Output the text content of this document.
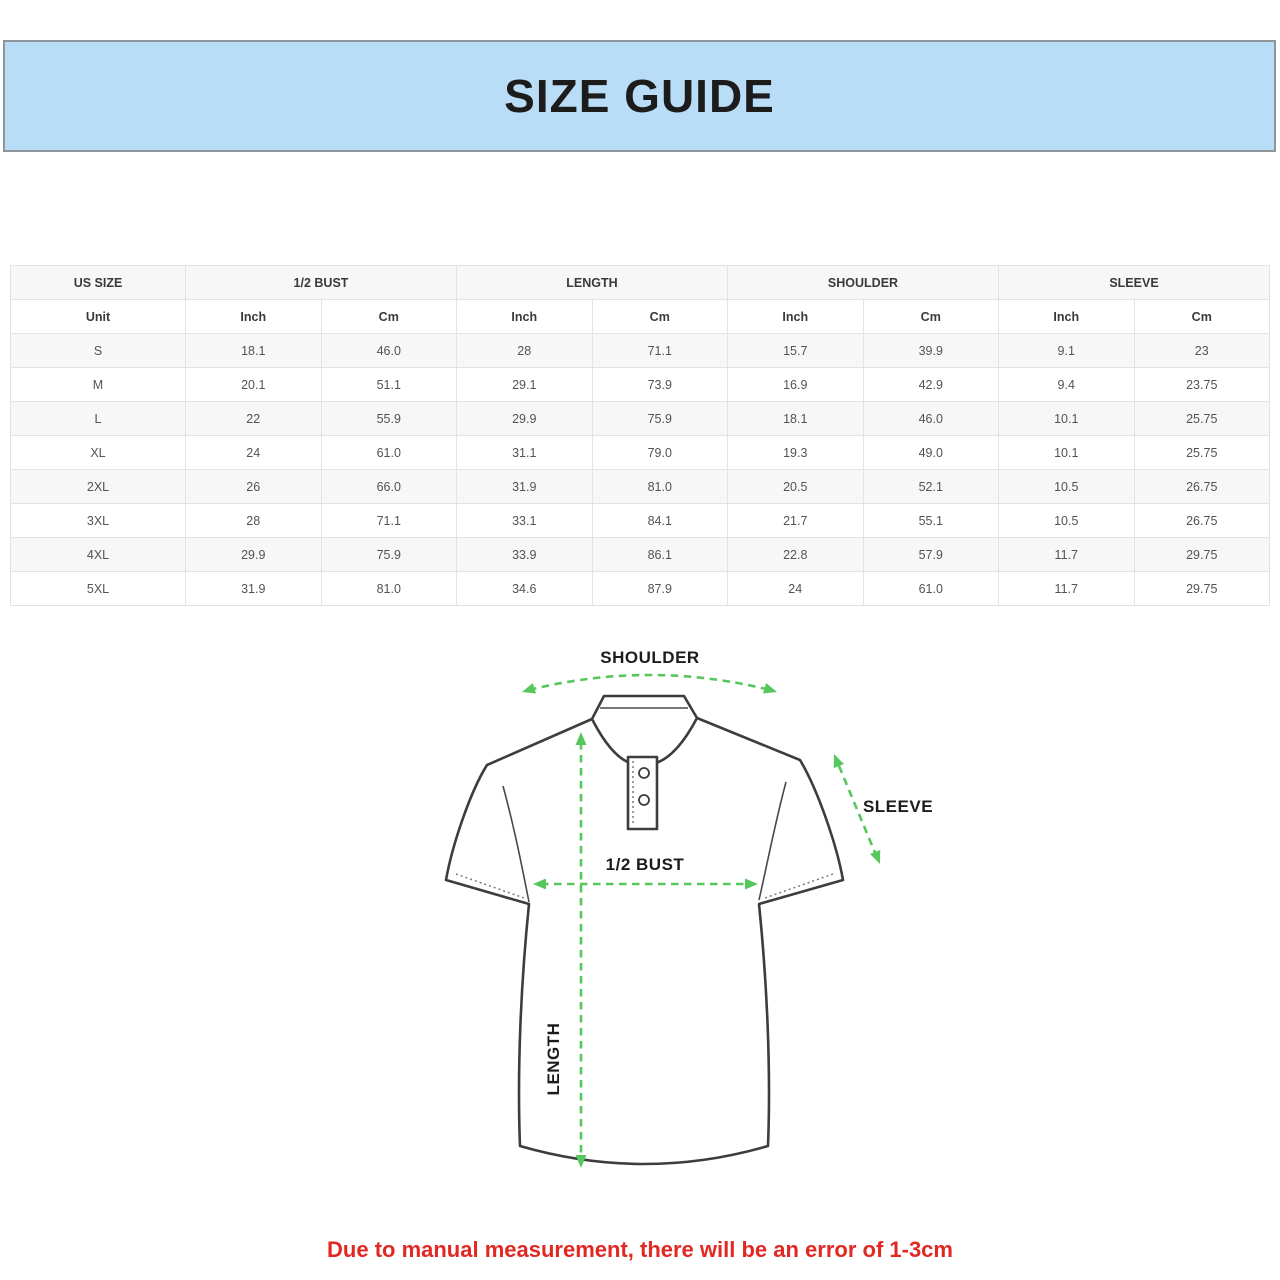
SIZE GUIDE
US SIZE	1/2 BUST		LENGTH		SHOULDER		SLEEVE	
Unit	Inch	Cm	Inch	Cm	Inch	Cm	Inch	Cm
S	18.1	46.0	28	71.1	15.7	39.9	9.1	23
M	20.1	51.1	29.1	73.9	16.9	42.9	9.4	23.75
L	22	55.9	29.9	75.9	18.1	46.0	10.1	25.75
XL	24	61.0	31.1	79.0	19.3	49.0	10.1	25.75
2XL	26	66.0	31.9	81.0	20.5	52.1	10.5	26.75
3XL	28	71.1	33.1	84.1	21.7	55.1	10.5	26.75
4XL	29.9	75.9	33.9	86.1	22.8	57.9	11.7	29.75
5XL	31.9	81.0	34.6	87.9	24	61.0	11.7	29.75
SHOULDER
LENGTH
1/2 BUST
SLEEVE
Due to manual measurement, there will be an error of 1-3cm
